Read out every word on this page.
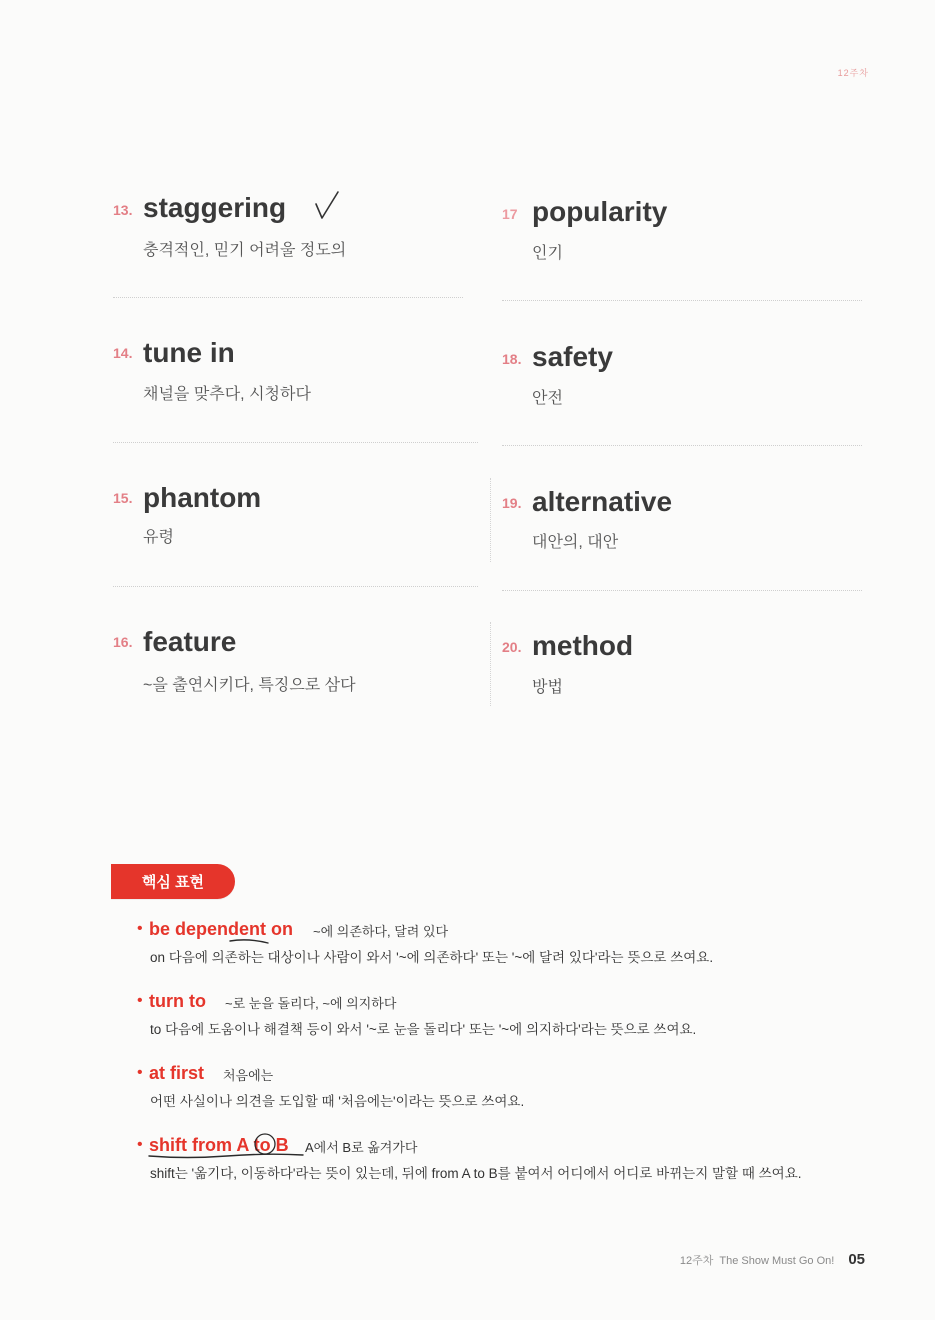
12주차
13. staggering
충격적인, 믿기 어려울 정도의
14. tune in
채널을 맞추다, 시청하다
15. phantom
유령
16. feature
~을 출연시키다, 특징으로 삼다
17 popularity
인기
18. safety
안전
19. alternative
대안의, 대안
20. method
방법
핵심 표현
• be dependent on ~에 의존하다, 달려 있다
on 다음에 의존하는 대상이나 사람이 와서 '~에 의존하다' 또는 '~에 달려 있다'라는 뜻으로 쓰여요.
• turn to ~로 눈을 돌리다, ~에 의지하다
to 다음에 도움이나 해결책 등이 와서 '~로 눈을 돌리다' 또는 '~에 의지하다'라는 뜻으로 쓰여요.
• at first 처음에는
어떤 사실이나 의견을 도입할 때 '처음에는'이라는 뜻으로 쓰여요.
• shift from A to B A에서 B로 옮겨가다
shift는 '옮기다, 이동하다'라는 뜻이 있는데, 뒤에 from A to B를 붙여서 어디에서 어디로 바뀌는지 말할 때 쓰여요.
12주차 The Show Must Go On! 05
